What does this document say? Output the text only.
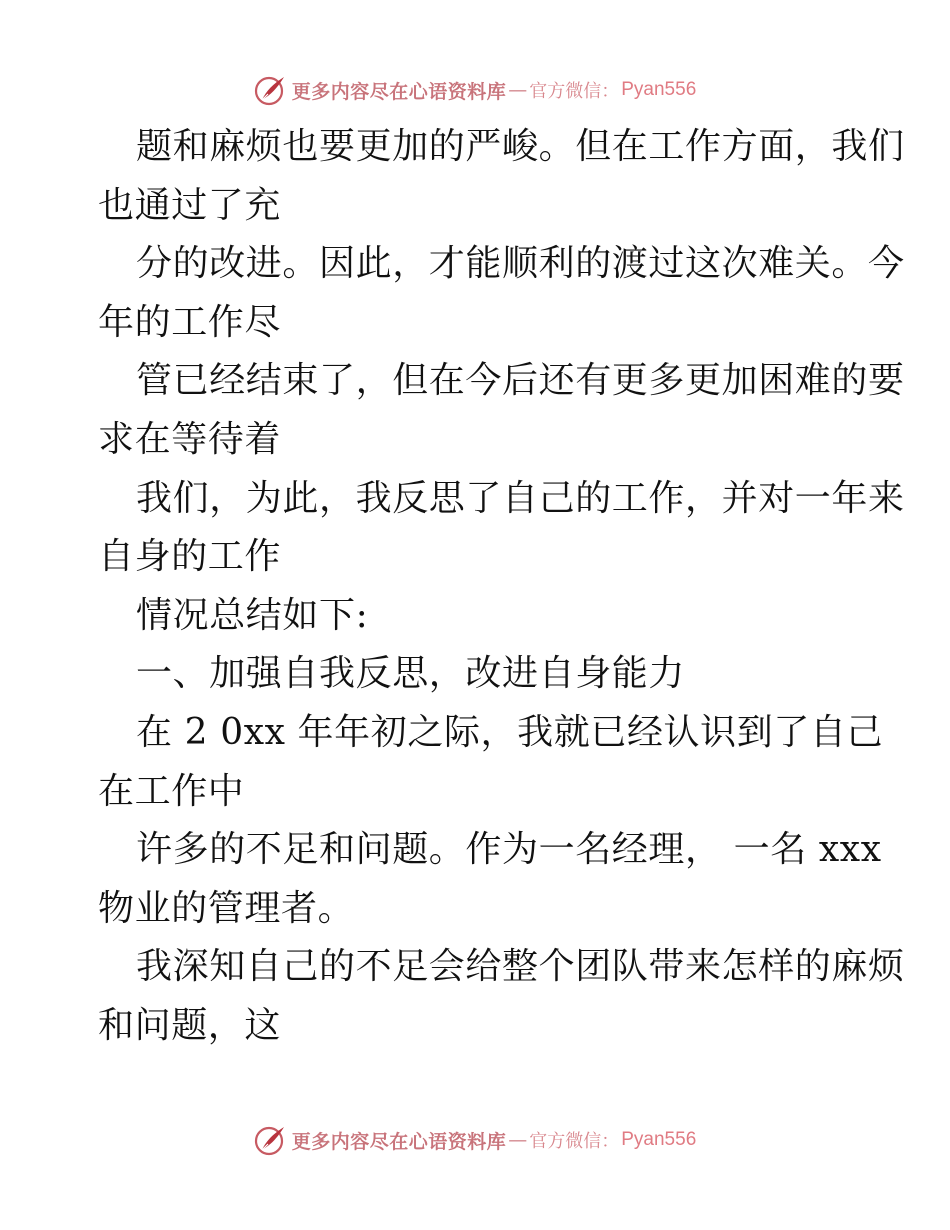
更多内容尽在心语资料库 — 官方微信： Pyan556
题和麻烦也要更加的严峻。但在工作方面，我们
也通过了充
分的改进。因此，才能顺利的渡过这次难关。今
年的工作尽
管已经结束了，但在今后还有更多更加困难的要
求在等待着
我们，为此，我反思了自己的工作，并对一年来
自身的工作
情况总结如下:
一、加强自我反思，改进自身能力
在 2 0xx 年年初之际，我就已经认识到了自己
在工作中
许多的不足和问题。作为一名经理， 一名 xxx
物业的管理者。
我深知自己的不足会给整个团队带来怎样的麻烦
和问题，这
更多内容尽在心语资料库 — 官方微信： Pyan556
